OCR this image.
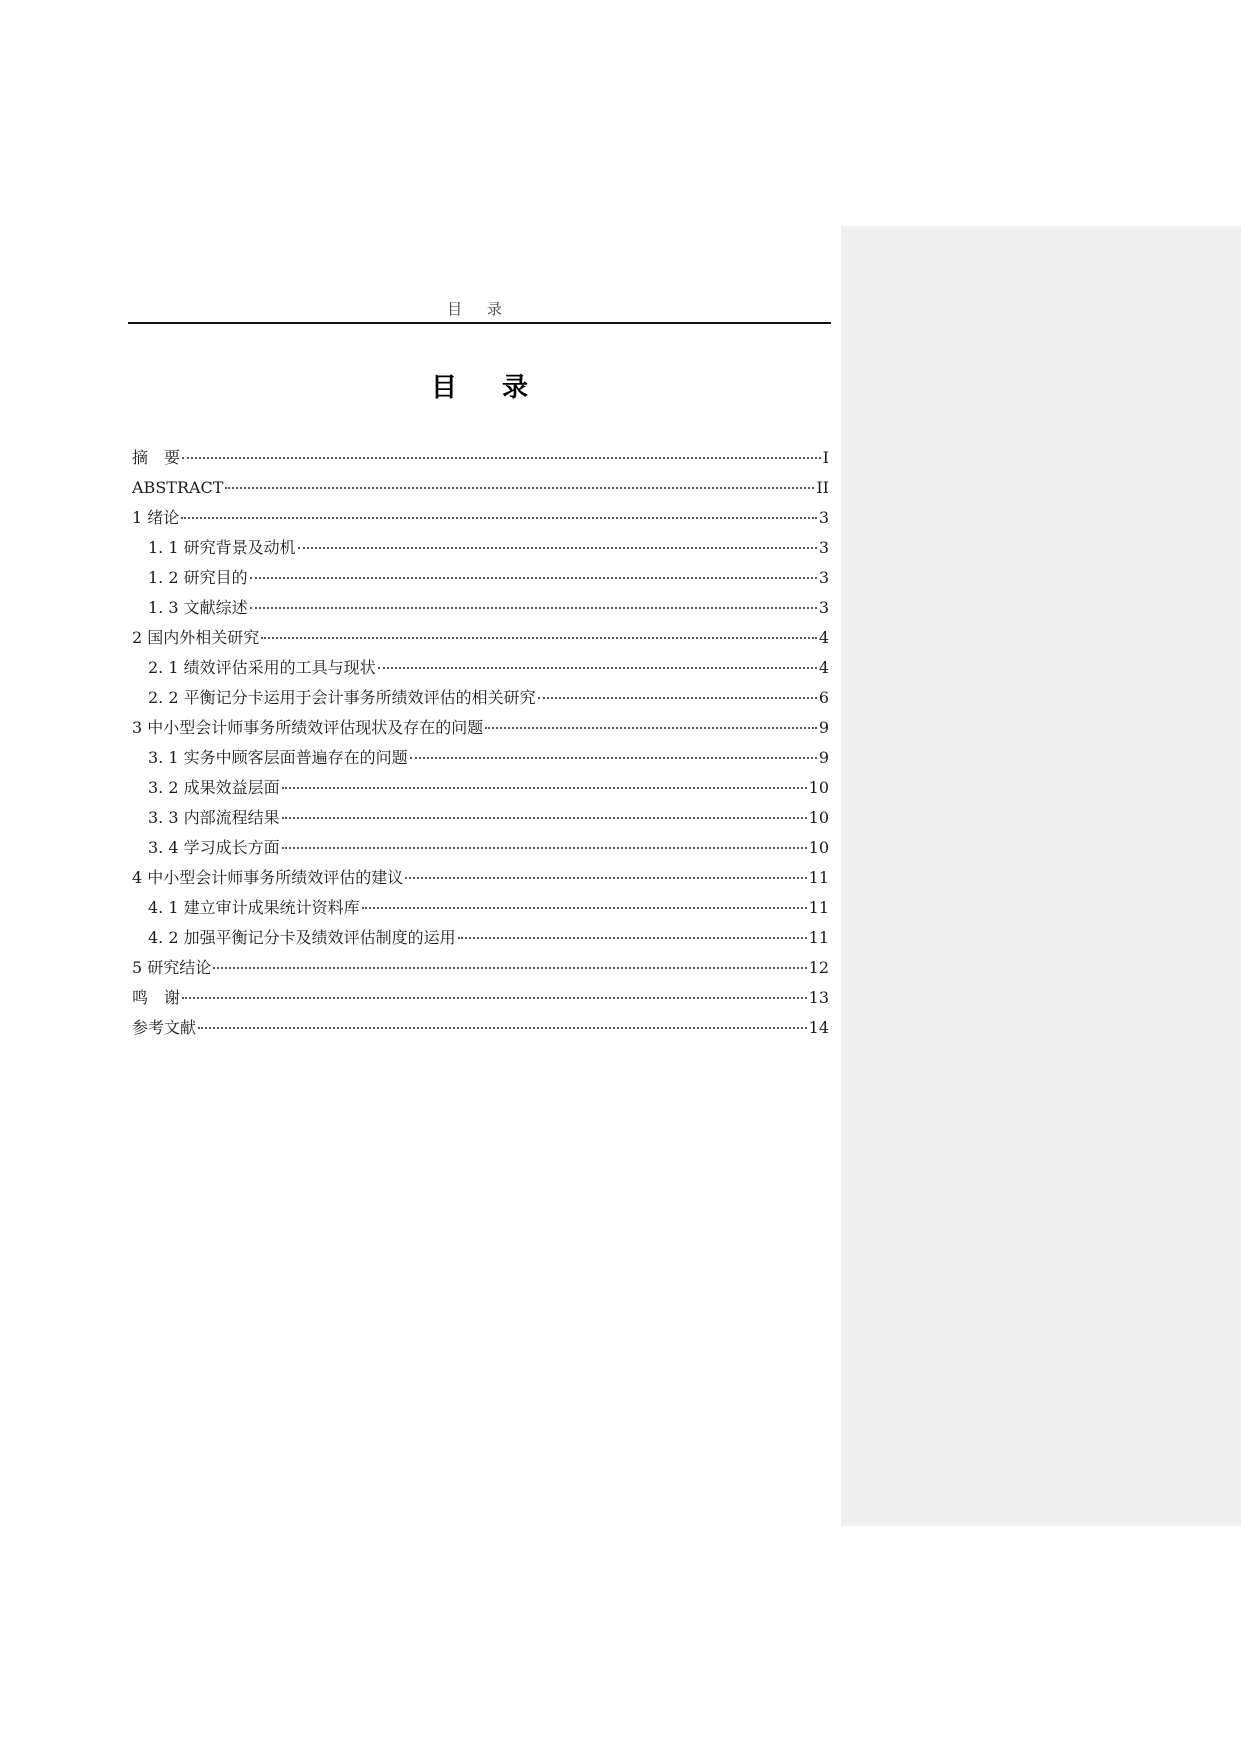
目 录
目 录
摘　要	I
ABSTRACT	II
1 绪论	3
1. 1 研究背景及动机	3
1. 2 研究目的	3
1. 3 文献综述	3
2 国内外相关研究	4
2. 1 绩效评估采用的工具与现状	4
2. 2 平衡记分卡运用于会计事务所绩效评估的相关研究	6
3 中小型会计师事务所绩效评估现状及存在的问题	9
3. 1 实务中顾客层面普遍存在的问题	9
3. 2 成果效益层面	10
3. 3 内部流程结果	10
3. 4 学习成长方面	10
4 中小型会计师事务所绩效评估的建议	11
4. 1 建立审计成果统计资料库	11
4. 2 加强平衡记分卡及绩效评估制度的运用	11
5 研究结论	12
鸣　谢	13
参考文献	14
